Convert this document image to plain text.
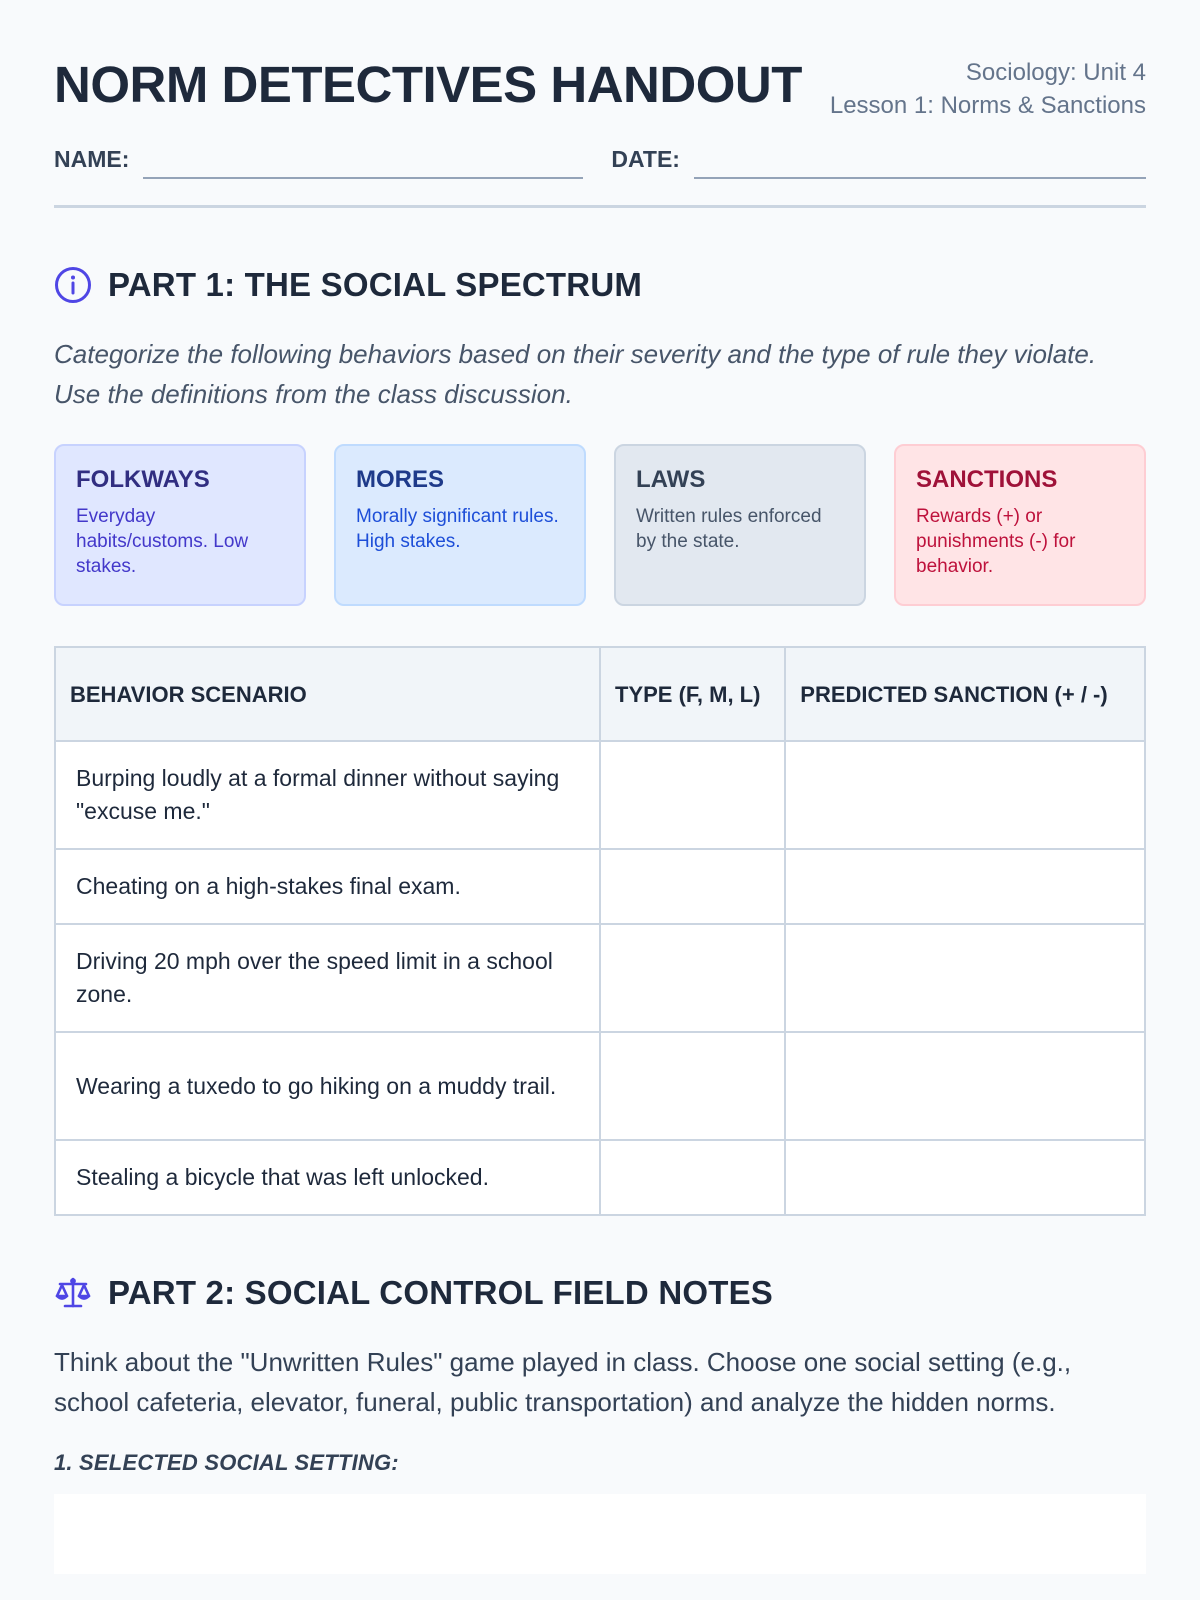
NORM DETECTIVES HANDOUT	Sociology: Unit 4
Lesson 1: Norms & Sanctions
NAME:	DATE:
PART 1: THE SOCIAL SPECTRUM

Categorize the following behaviors based on their severity and the type of rule they violate. Use the definitions from the class discussion.

FOLKWAYS
Everyday habits/customs. Low stakes.
MORES
Morally significant rules. High stakes.
LAWS
Written rules enforced by the state.
SANCTIONS
Rewards (+) or punishments (-) for behavior.
BEHAVIOR SCENARIO	TYPE (F, M, L)	PREDICTED SANCTION (+ / -)
Burping loudly at a formal dinner without saying "excuse me."		
Cheating on a high-stakes final exam.		
Driving 20 mph over the speed limit in a school zone.		
Wearing a tuxedo to go hiking on a muddy trail.		
Stealing a bicycle that was left unlocked.		
PART 2: SOCIAL CONTROL FIELD NOTES

Think about the "Unwritten Rules" game played in class. Choose one social setting (e.g., school cafeteria, elevator, funeral, public transportation) and analyze the hidden norms.

1. SELECTED SOCIAL SETTING:
